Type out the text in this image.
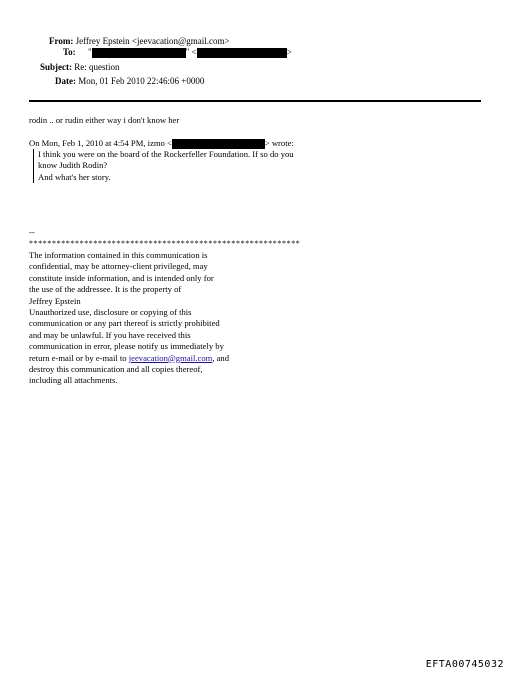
From: Jeffrey Epstein <jeevacation@gmail.com>
To: "	" <	>
Subject: Re: question
Date: Mon, 01 Feb 2010 22:46:06 +0000
rodin .. or rudin either way i don't know her
On Mon, Feb 1, 2010 at 4:54 PM, izmo <	> wrote:
I think you were on the board of the Rockerfeller Foundation. If so do you
know Judith Rodin?
And what's her story.
--
***********************************************************
The information contained in this communication is
confidential, may be attorney-client privileged, may
constitute inside information, and is intended only for
the use of the addressee. It is the property of
Jeffrey Epstein
Unauthorized use, disclosure or copying of this
communication or any part thereof is strictly prohibited
and may be unlawful. If you have received this
communication in error, please notify us immediately by
return e-mail or by e-mail to jeevacation@gmail.com, and
destroy this communication and all copies thereof,
including all attachments.
EFTA00745032
